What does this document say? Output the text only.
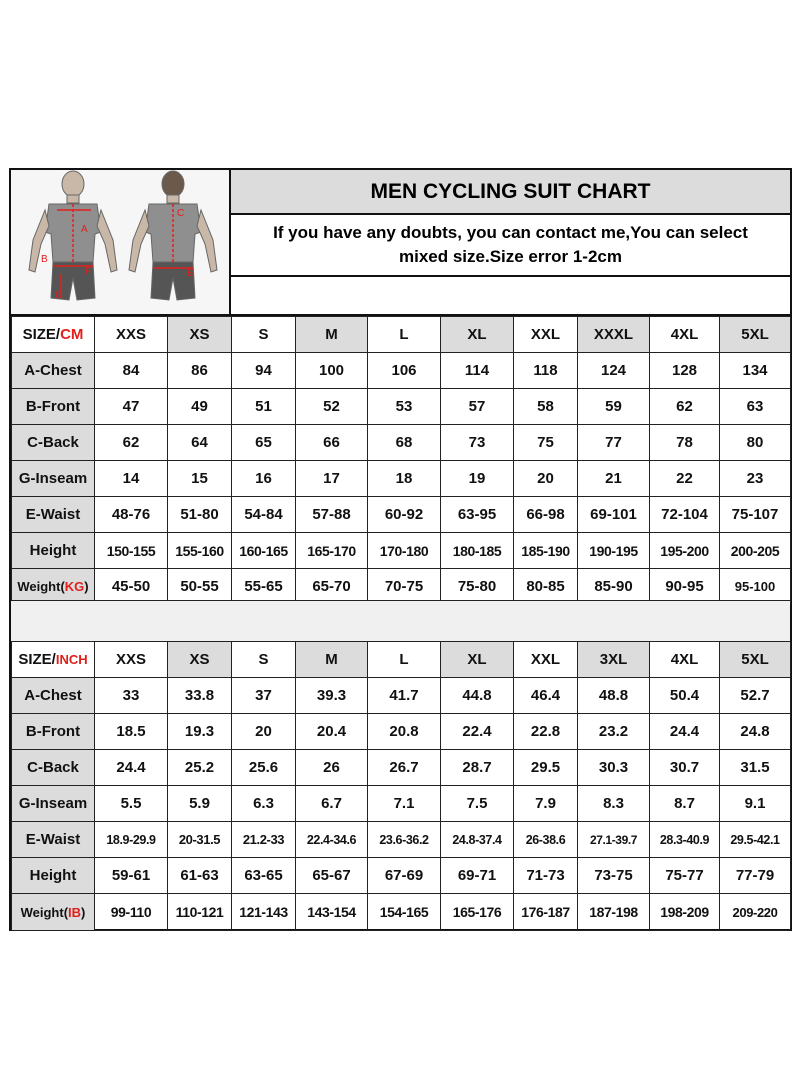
A
B
F
G
C
E
MEN CYCLING SUIT CHART
If you have any doubts, you can contact me,You can select
mixed size.Size error 1-2cm
SIZE/CM	XXS	XS	S	M	L	XL	XXL	XXXL	4XL	5XL
A-Chest	84	86	94	100	106	114	118	124	128	134
B-Front	47	49	51	52	53	57	58	59	62	63
C-Back	62	64	65	66	68	73	75	77	78	80
G-Inseam	14	15	16	17	18	19	20	21	22	23
E-Waist	48-76	51-80	54-84	57-88	60-92	63-95	66-98	69-101	72-104	75-107
Height	150-155	155-160	160-165	165-170	170-180	180-185	185-190	190-195	195-200	200-205
Weight(KG)	45-50	50-55	55-65	65-70	70-75	75-80	80-85	85-90	90-95	95-100
SIZE/INCH	XXS	XS	S	M	L	XL	XXL	3XL	4XL	5XL
A-Chest	33	33.8	37	39.3	41.7	44.8	46.4	48.8	50.4	52.7
B-Front	18.5	19.3	20	20.4	20.8	22.4	22.8	23.2	24.4	24.8
C-Back	24.4	25.2	25.6	26	26.7	28.7	29.5	30.3	30.7	31.5
G-Inseam	5.5	5.9	6.3	6.7	7.1	7.5	7.9	8.3	8.7	9.1
E-Waist	18.9-29.9	20-31.5	21.2-33	22.4-34.6	23.6-36.2	24.8-37.4	26-38.6	27.1-39.7	28.3-40.9	29.5-42.1
Height	59-61	61-63	63-65	65-67	67-69	69-71	71-73	73-75	75-77	77-79
Weight(IB)	99-110	110-121	121-143	143-154	154-165	165-176	176-187	187-198	198-209	209-220
